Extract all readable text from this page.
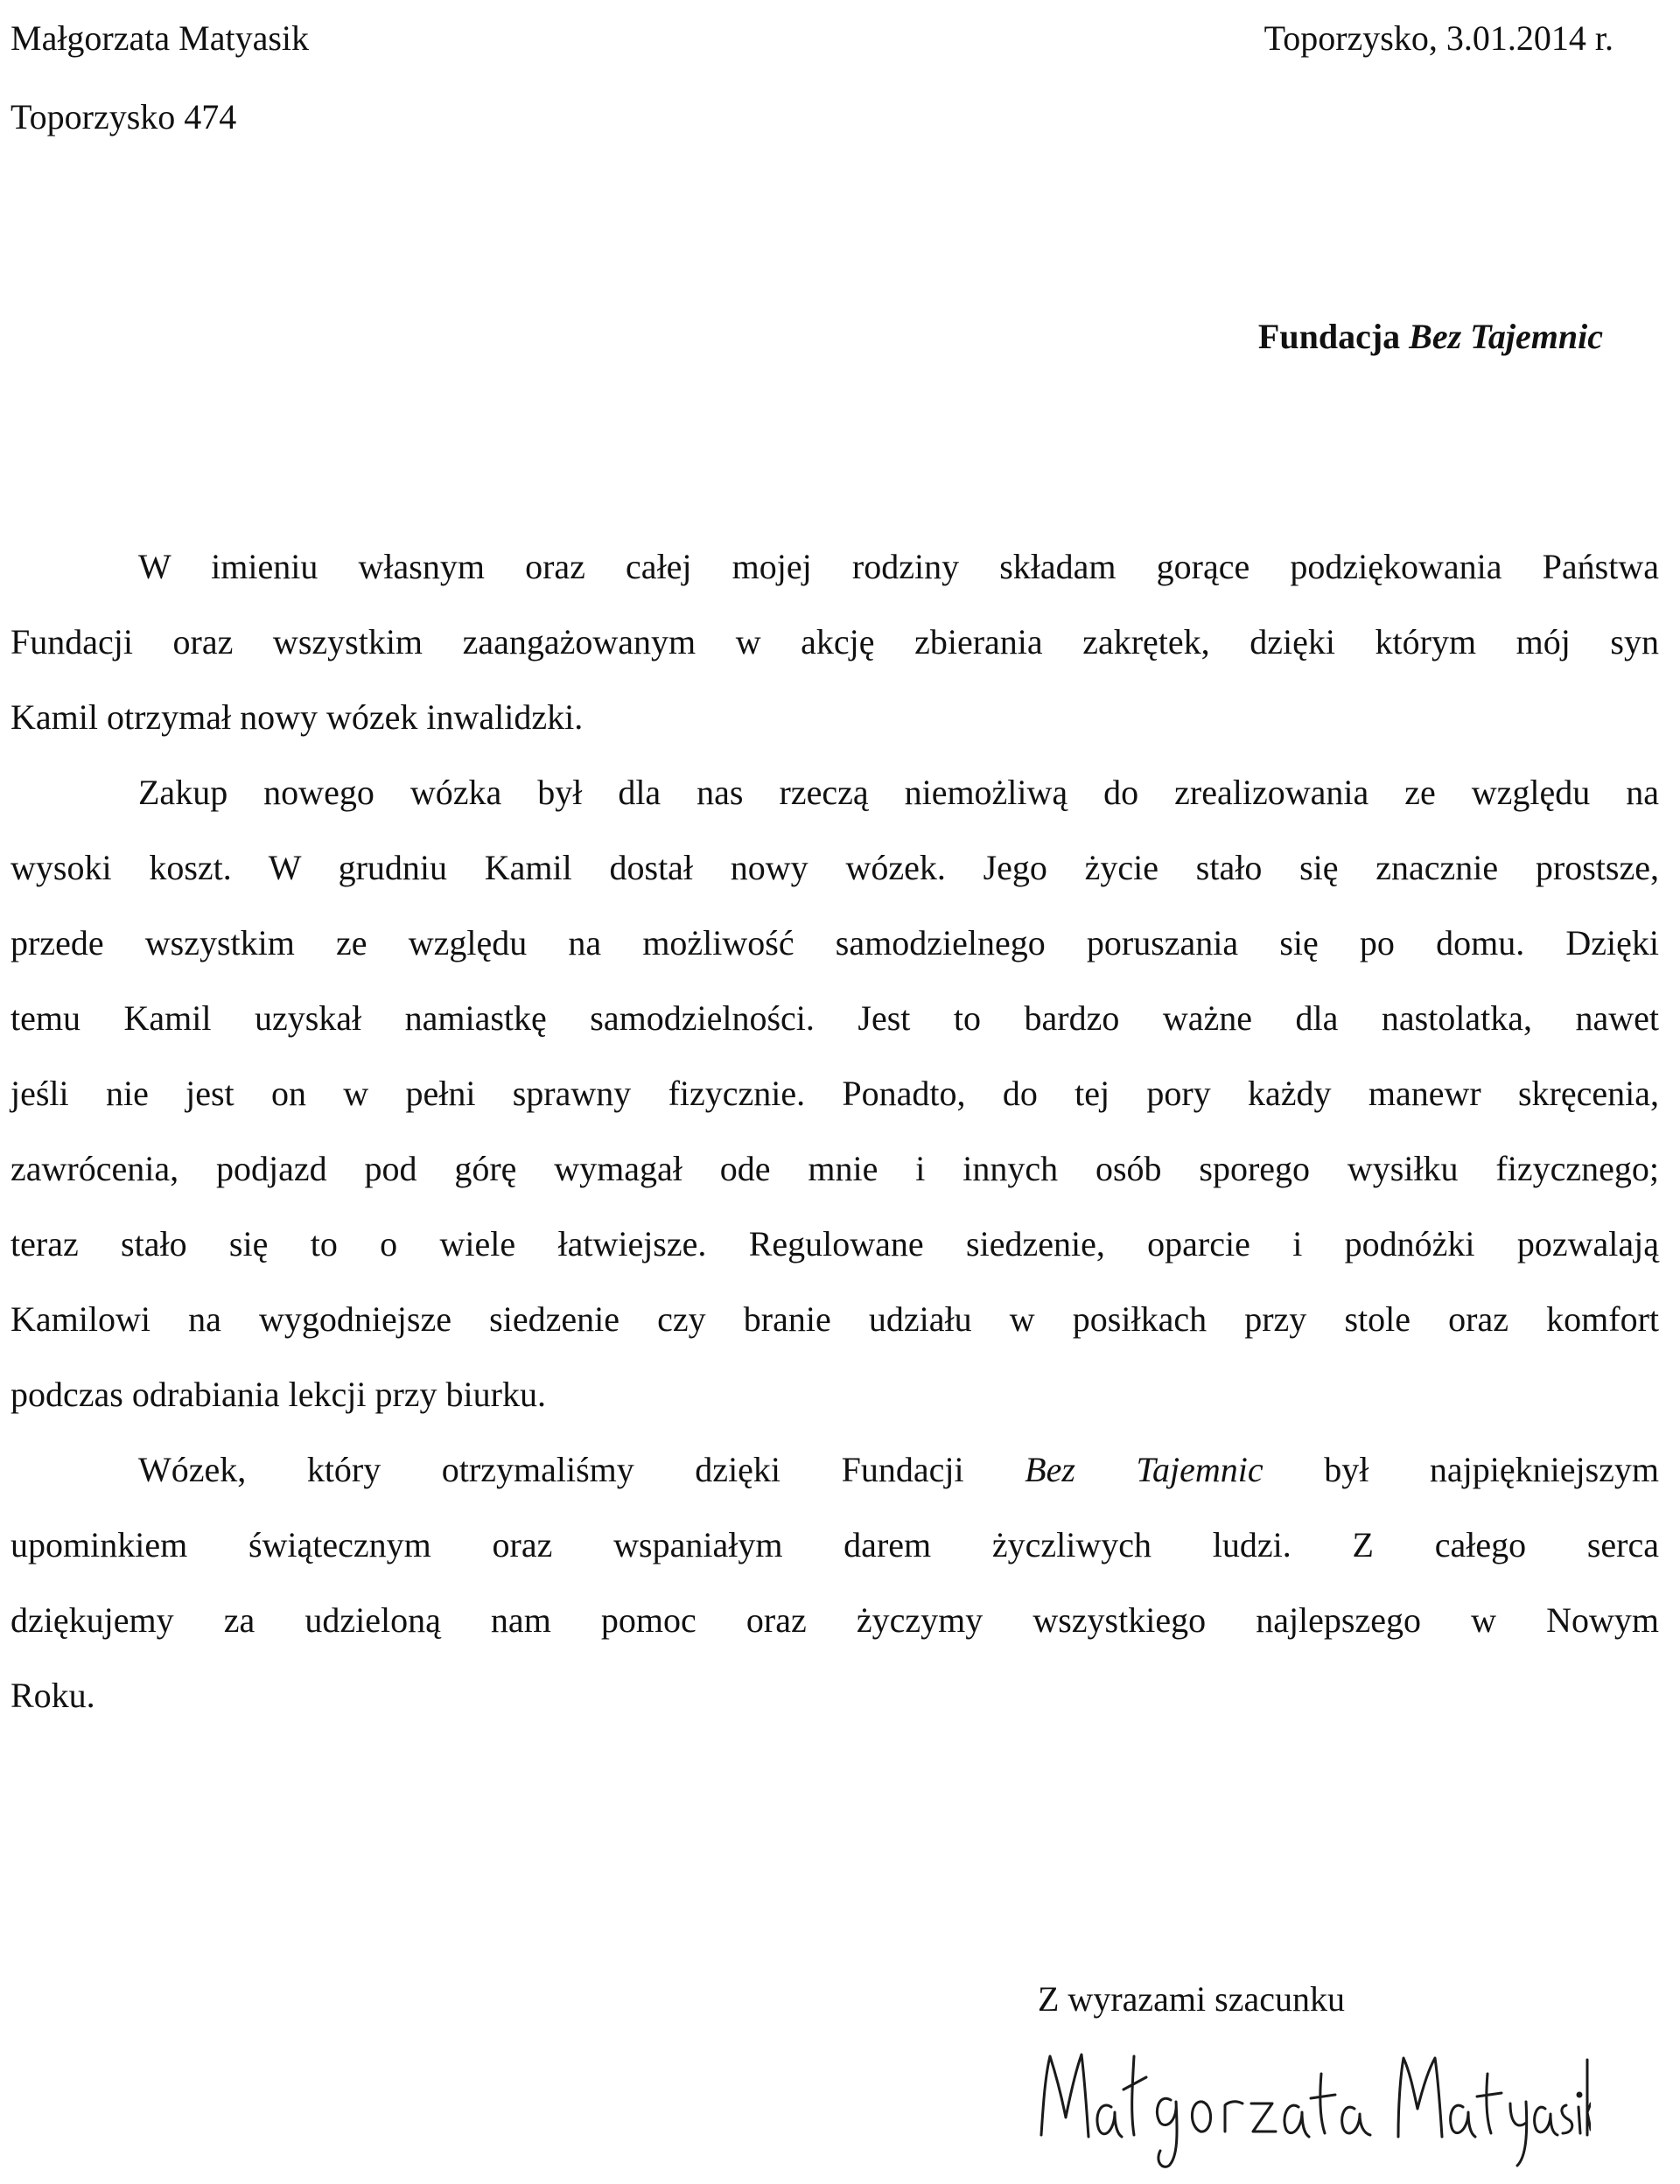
Małgorzata Matyasik
Toporzysko 474
Toporzysko, 3.01.2014 r.
Fundacja Bez Tajemnic
W imieniu własnym oraz całej mojej rodziny składam gorące podziękowania Państwa
Fundacji oraz wszystkim zaangażowanym w akcję zbierania zakrętek, dzięki którym mój syn
Kamil otrzymał nowy wózek inwalidzki.
Zakup nowego wózka był dla nas rzeczą niemożliwą do zrealizowania ze względu na
wysoki koszt. W grudniu Kamil dostał nowy wózek. Jego życie stało się znacznie prostsze,
przede wszystkim ze względu na możliwość samodzielnego poruszania się po domu. Dzięki
temu Kamil uzyskał namiastkę samodzielności. Jest to bardzo ważne dla nastolatka, nawet
jeśli nie jest on w pełni sprawny fizycznie. Ponadto, do tej pory każdy manewr skręcenia,
zawrócenia, podjazd pod górę wymagał ode mnie i innych osób sporego wysiłku fizycznego;
teraz stało się to o wiele łatwiejsze. Regulowane siedzenie, oparcie i podnóżki pozwalają
Kamilowi na wygodniejsze siedzenie czy branie udziału w posiłkach przy stole oraz komfort
podczas odrabiania lekcji przy biurku.
Wózek, który otrzymaliśmy dzięki Fundacji Bez Tajemnic był najpiękniejszym
upominkiem świątecznym oraz wspaniałym darem życzliwych ludzi. Z całego serca
dziękujemy za udzieloną nam pomoc oraz życzymy wszystkiego najlepszego w Nowym
Roku.
Z wyrazami szacunku
